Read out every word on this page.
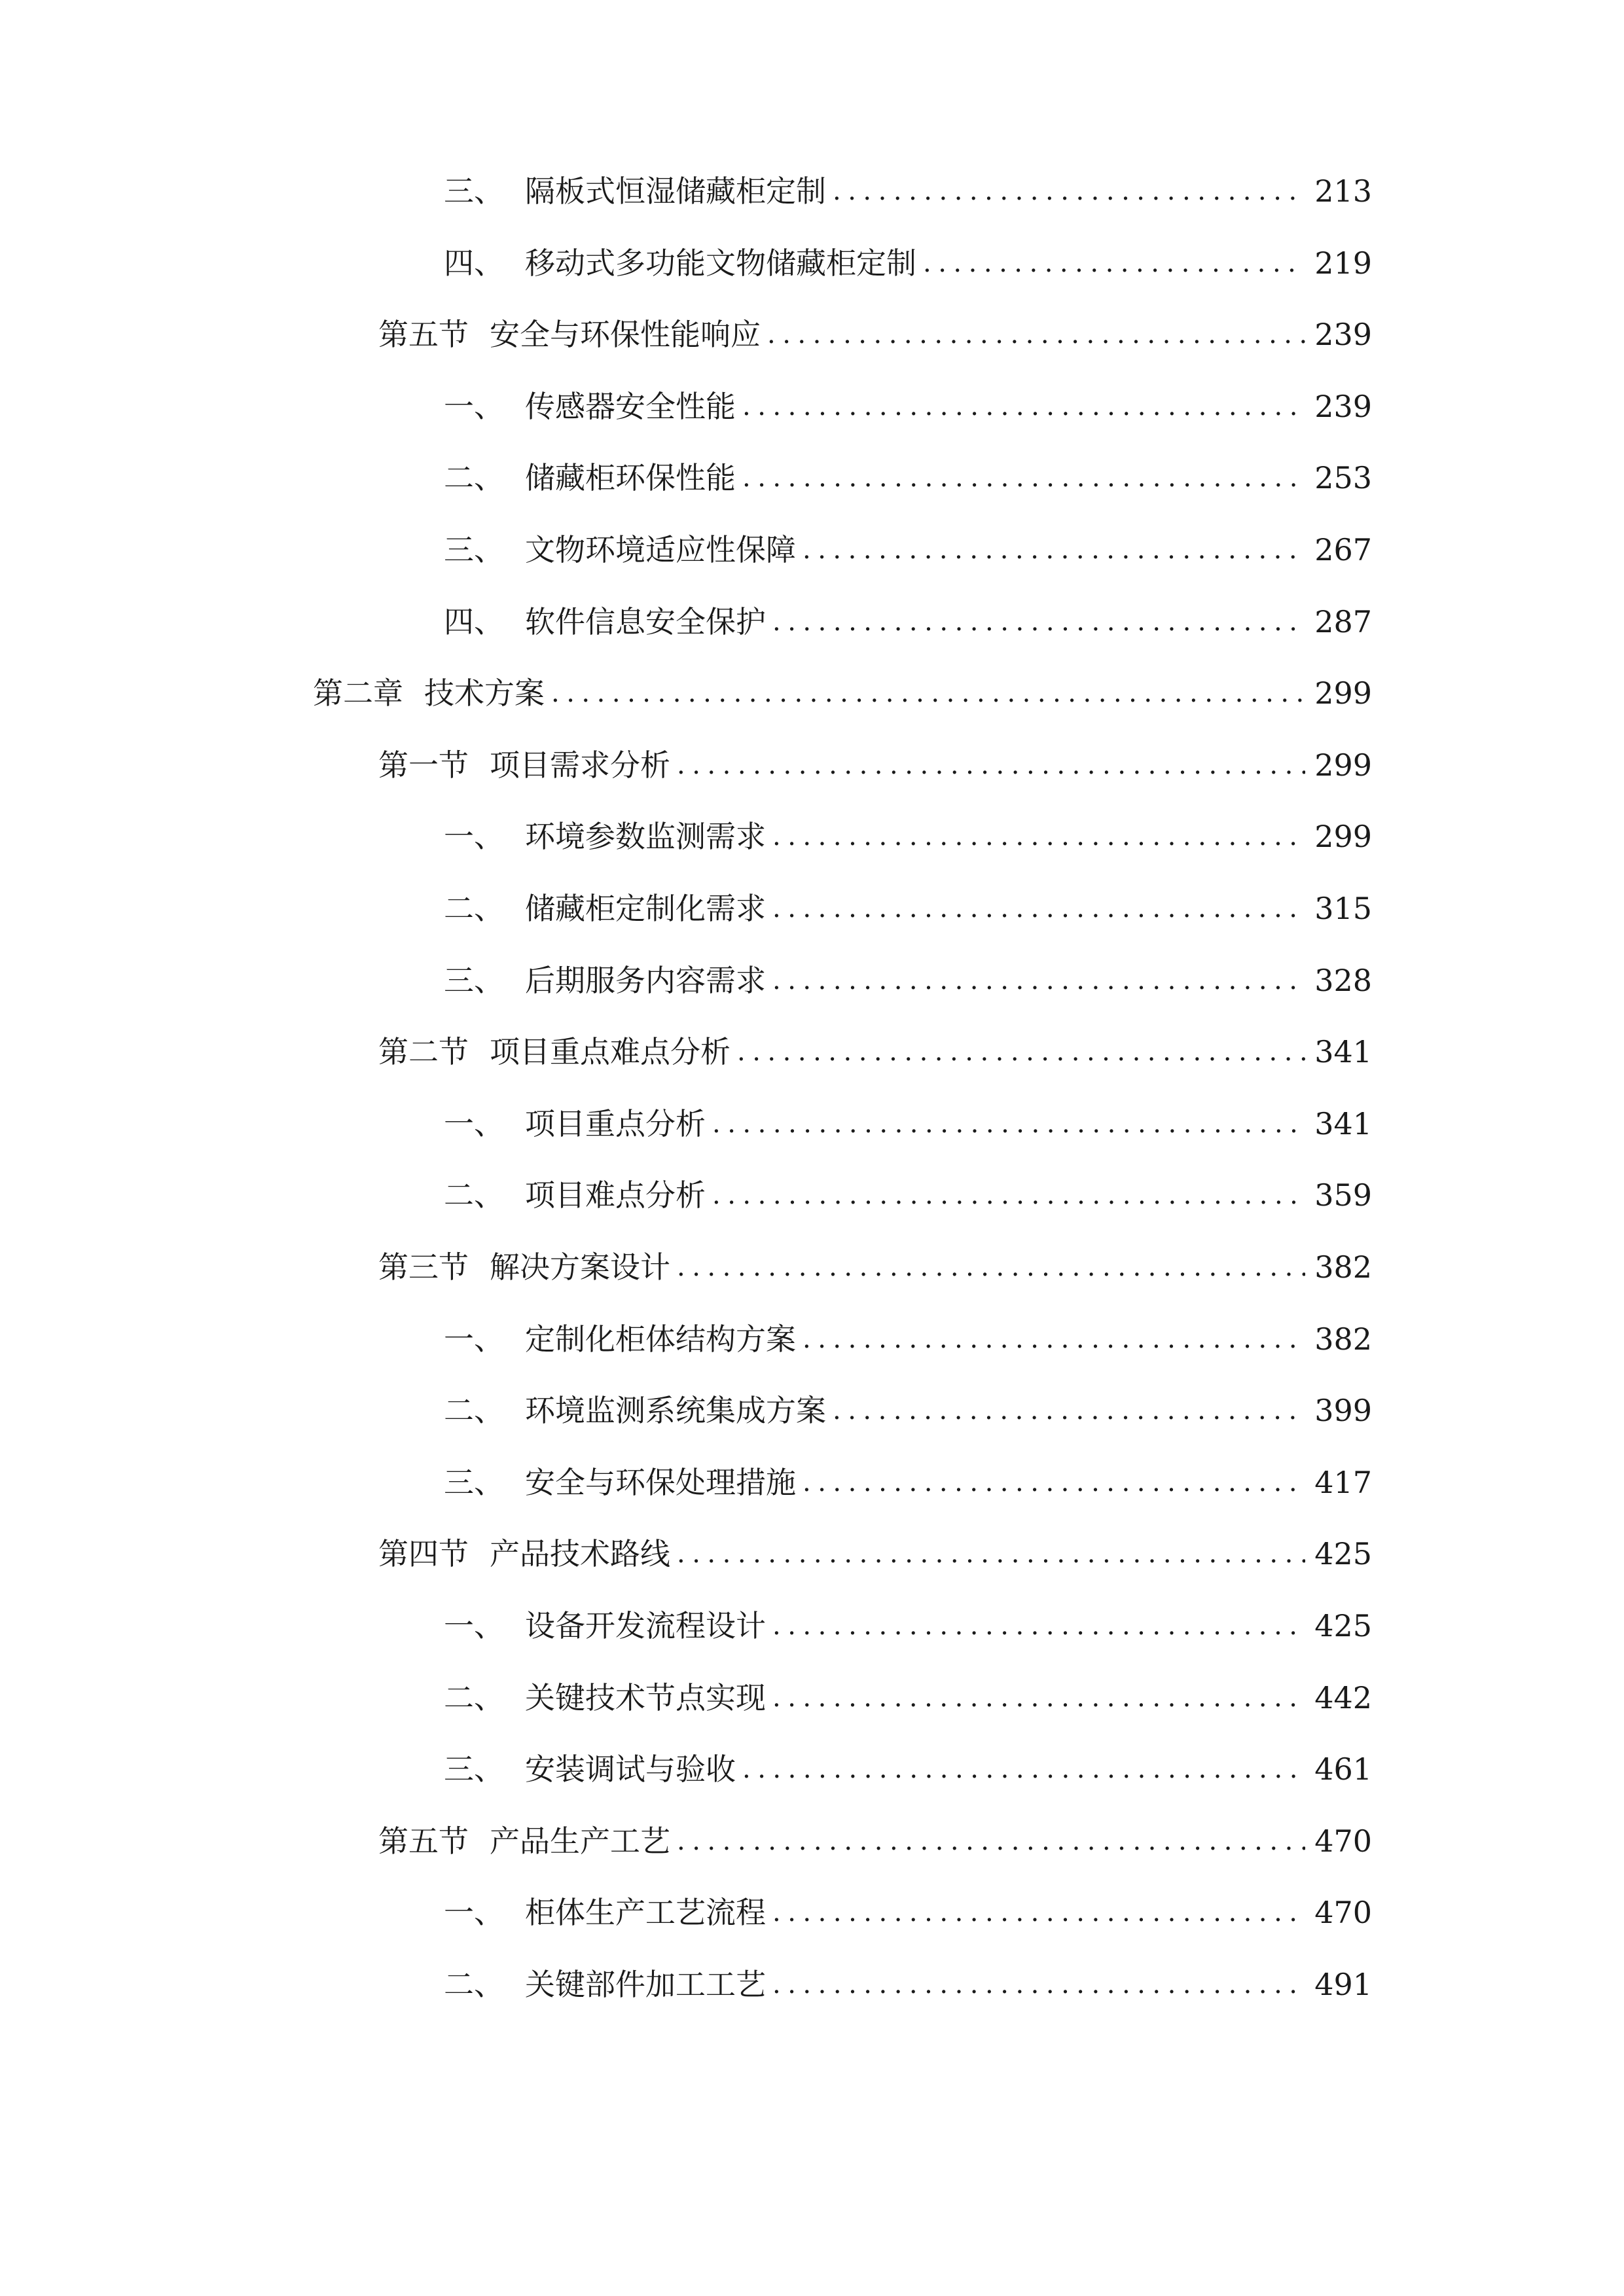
三、 隔板式恒湿储藏柜定制 .....	213
四、 移动式多功能文物储藏柜定制 .....	219
第五节 安全与环保性能响应 .....	239
一、 传感器安全性能 .....	239
二、 储藏柜环保性能 .....	253
三、 文物环境适应性保障 .....	267
四、 软件信息安全保护 .....	287
第二章 技术方案 .....	299
第一节 项目需求分析 .....	299
一、 环境参数监测需求 .....	299
二、 储藏柜定制化需求 .....	315
三、 后期服务内容需求 .....	328
第二节 项目重点难点分析 .....	341
一、 项目重点分析 .....	341
二、 项目难点分析 .....	359
第三节 解决方案设计 .....	382
一、 定制化柜体结构方案 .....	382
二、 环境监测系统集成方案 .....	399
三、 安全与环保处理措施 .....	417
第四节 产品技术路线 .....	425
一、 设备开发流程设计 .....	425
二、 关键技术节点实现 .....	442
三、 安装调试与验收 .....	461
第五节 产品生产工艺 .....	470
一、 柜体生产工艺流程 .....	470
二、 关键部件加工工艺 .....	491
